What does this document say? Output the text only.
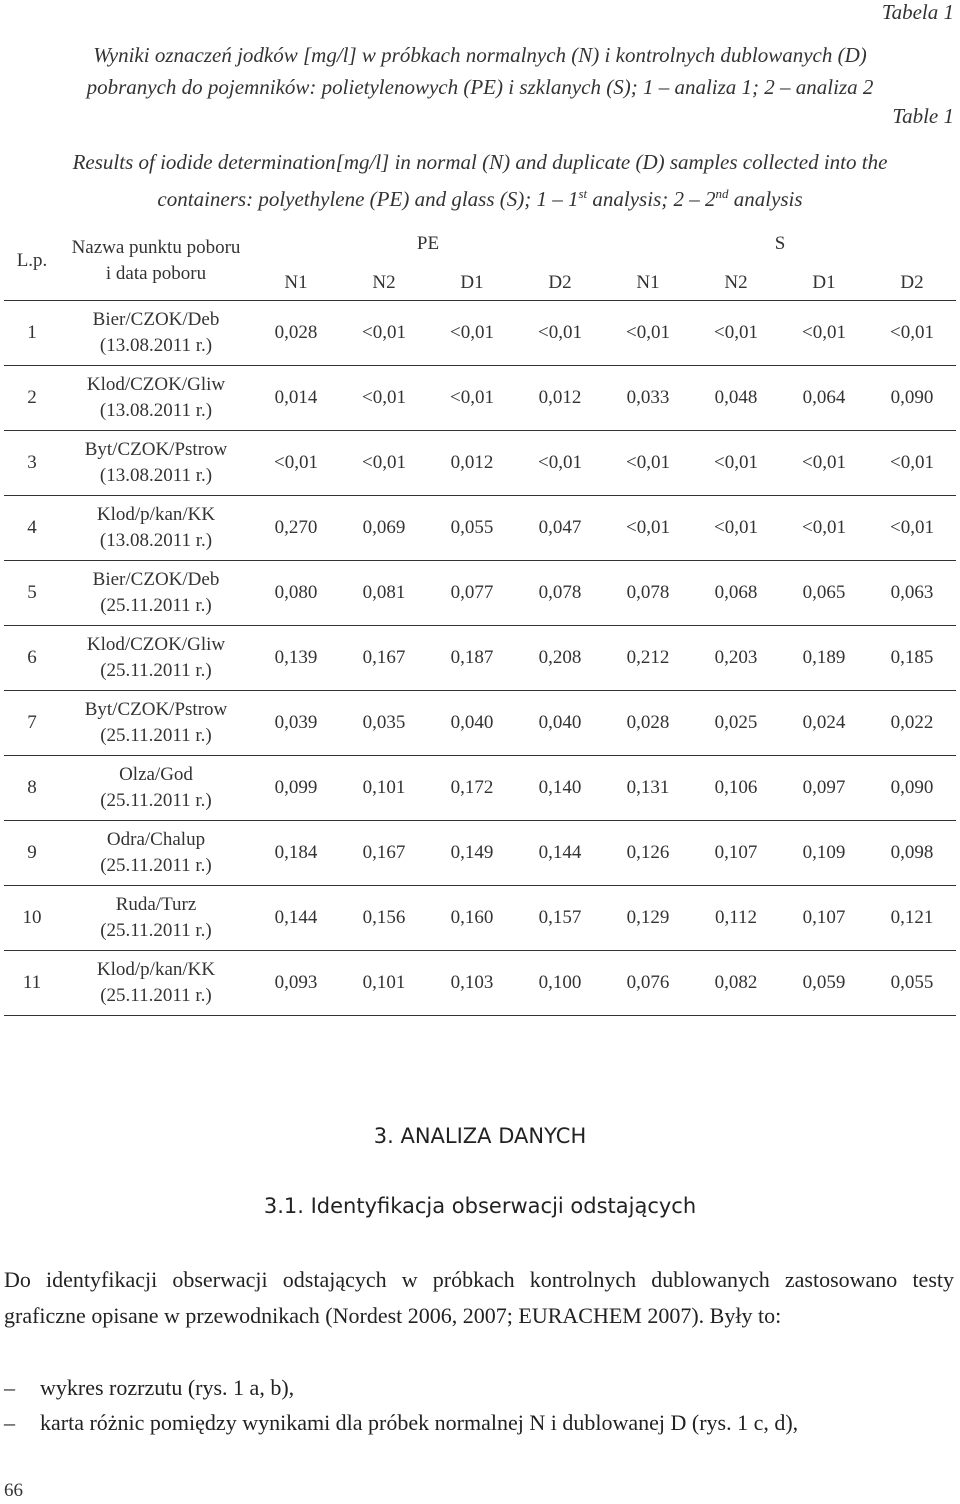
Tabela 1
Wyniki oznaczeń jodków [mg/l] w próbkach normalnych (N) i kontrolnych dublowanych (D)
pobranych do pojemników: polietylenowych (PE) i szklanych (S); 1 – analiza 1; 2 – analiza 2
Table 1
Results of iodide determination[mg/l] in normal (N) and duplicate (D) samples collected into the
containers: polyethylene (PE) and glass (S); 1 – 1st analysis; 2 – 2nd analysis
L.p.	Nazwa punktu poboru
i data poboru	PE				S			
		N1	N2	D1	D2	N1	N2	D1	D2
1	Bier/CZOK/Deb
(13.08.2011 r.)	0,028	<0,01	<0,01	<0,01	<0,01	<0,01	<0,01	<0,01
2	Klod/CZOK/Gliw
(13.08.2011 r.)	0,014	<0,01	<0,01	0,012	0,033	0,048	0,064	0,090
3	Byt/CZOK/Pstrow
(13.08.2011 r.)	<0,01	<0,01	0,012	<0,01	<0,01	<0,01	<0,01	<0,01
4	Klod/p/kan/KK
(13.08.2011 r.)	0,270	0,069	0,055	0,047	<0,01	<0,01	<0,01	<0,01
5	Bier/CZOK/Deb
(25.11.2011 r.)	0,080	0,081	0,077	0,078	0,078	0,068	0,065	0,063
6	Klod/CZOK/Gliw
(25.11.2011 r.)	0,139	0,167	0,187	0,208	0,212	0,203	0,189	0,185
7	Byt/CZOK/Pstrow
(25.11.2011 r.)	0,039	0,035	0,040	0,040	0,028	0,025	0,024	0,022
8	Olza/God
(25.11.2011 r.)	0,099	0,101	0,172	0,140	0,131	0,106	0,097	0,090
9	Odra/Chalup
(25.11.2011 r.)	0,184	0,167	0,149	0,144	0,126	0,107	0,109	0,098
10	Ruda/Turz
(25.11.2011 r.)	0,144	0,156	0,160	0,157	0,129	0,112	0,107	0,121
11	Klod/p/kan/KK
(25.11.2011 r.)	0,093	0,101	0,103	0,100	0,076	0,082	0,059	0,055
3. ANALIZA DANYCH
3.1. Identyfikacja obserwacji odstających
Do identyfikacji obserwacji odstających w próbkach kontrolnych dublowanych zastosowano testy graficzne opisane w przewodnikach (Nordest 2006, 2007; EURACHEM 2007). Były to:
– wykres rozrzutu (rys. 1 a, b),
– karta różnic pomiędzy wynikami dla próbek normalnej N i dublowanej D (rys. 1 c, d),
66
